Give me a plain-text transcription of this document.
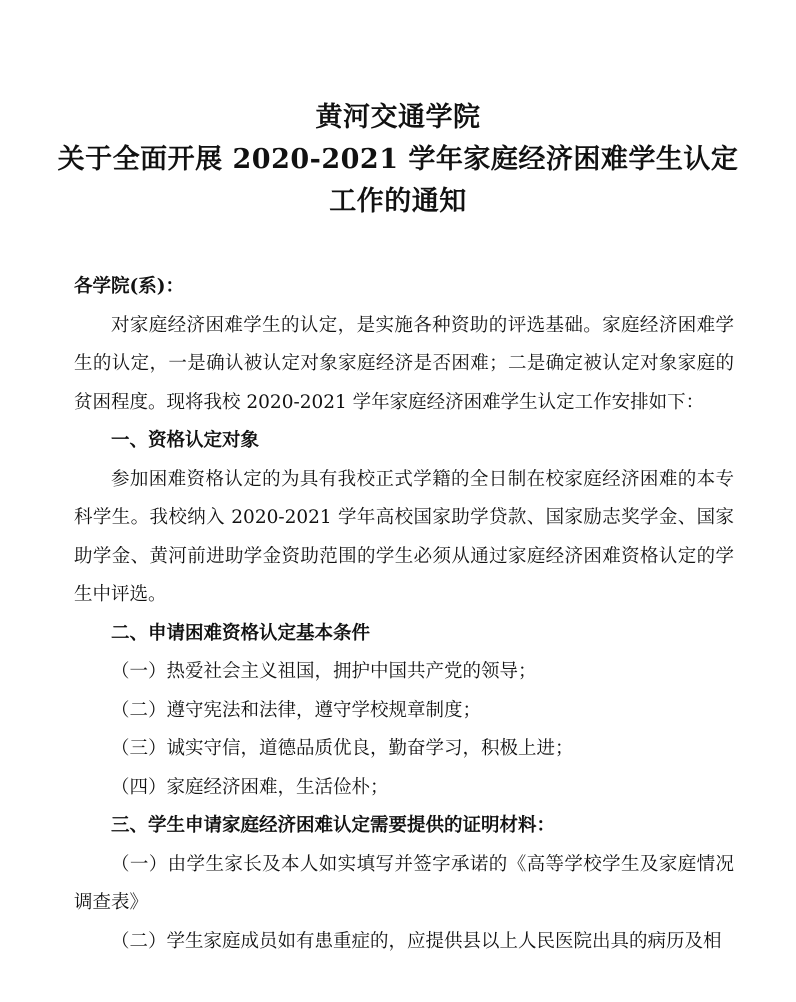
黄河交通学院
关于全面开展 2020-2021 学年家庭经济困难学生认定
工作的通知

各学院(系)：

对家庭经济困难学生的认定，是实施各种资助的评选基础。家庭经济困难学生的认定，一是确认被认定对象家庭经济是否困难；二是确定被认定对象家庭的贫困程度。现将我校 2020-2021 学年家庭经济困难学生认定工作安排如下：

一、资格认定对象

参加困难资格认定的为具有我校正式学籍的全日制在校家庭经济困难的本专科学生。我校纳入 2020-2021 学年高校国家助学贷款、国家励志奖学金、国家助学金、黄河前进助学金资助范围的学生必须从通过家庭经济困难资格认定的学生中评选。

二、申请困难资格认定基本条件

（一）热爱社会主义祖国，拥护中国共产党的领导；

（二）遵守宪法和法律，遵守学校规章制度；

（三）诚实守信，道德品质优良，勤奋学习，积极上进；

（四）家庭经济困难，生活俭朴；

三、学生申请家庭经济困难认定需要提供的证明材料：

（一）由学生家长及本人如实填写并签字承诺的《高等学校学生及家庭情况调查表》

（二）学生家庭成员如有患重症的，应提供县以上人民医院出具的病历及相
